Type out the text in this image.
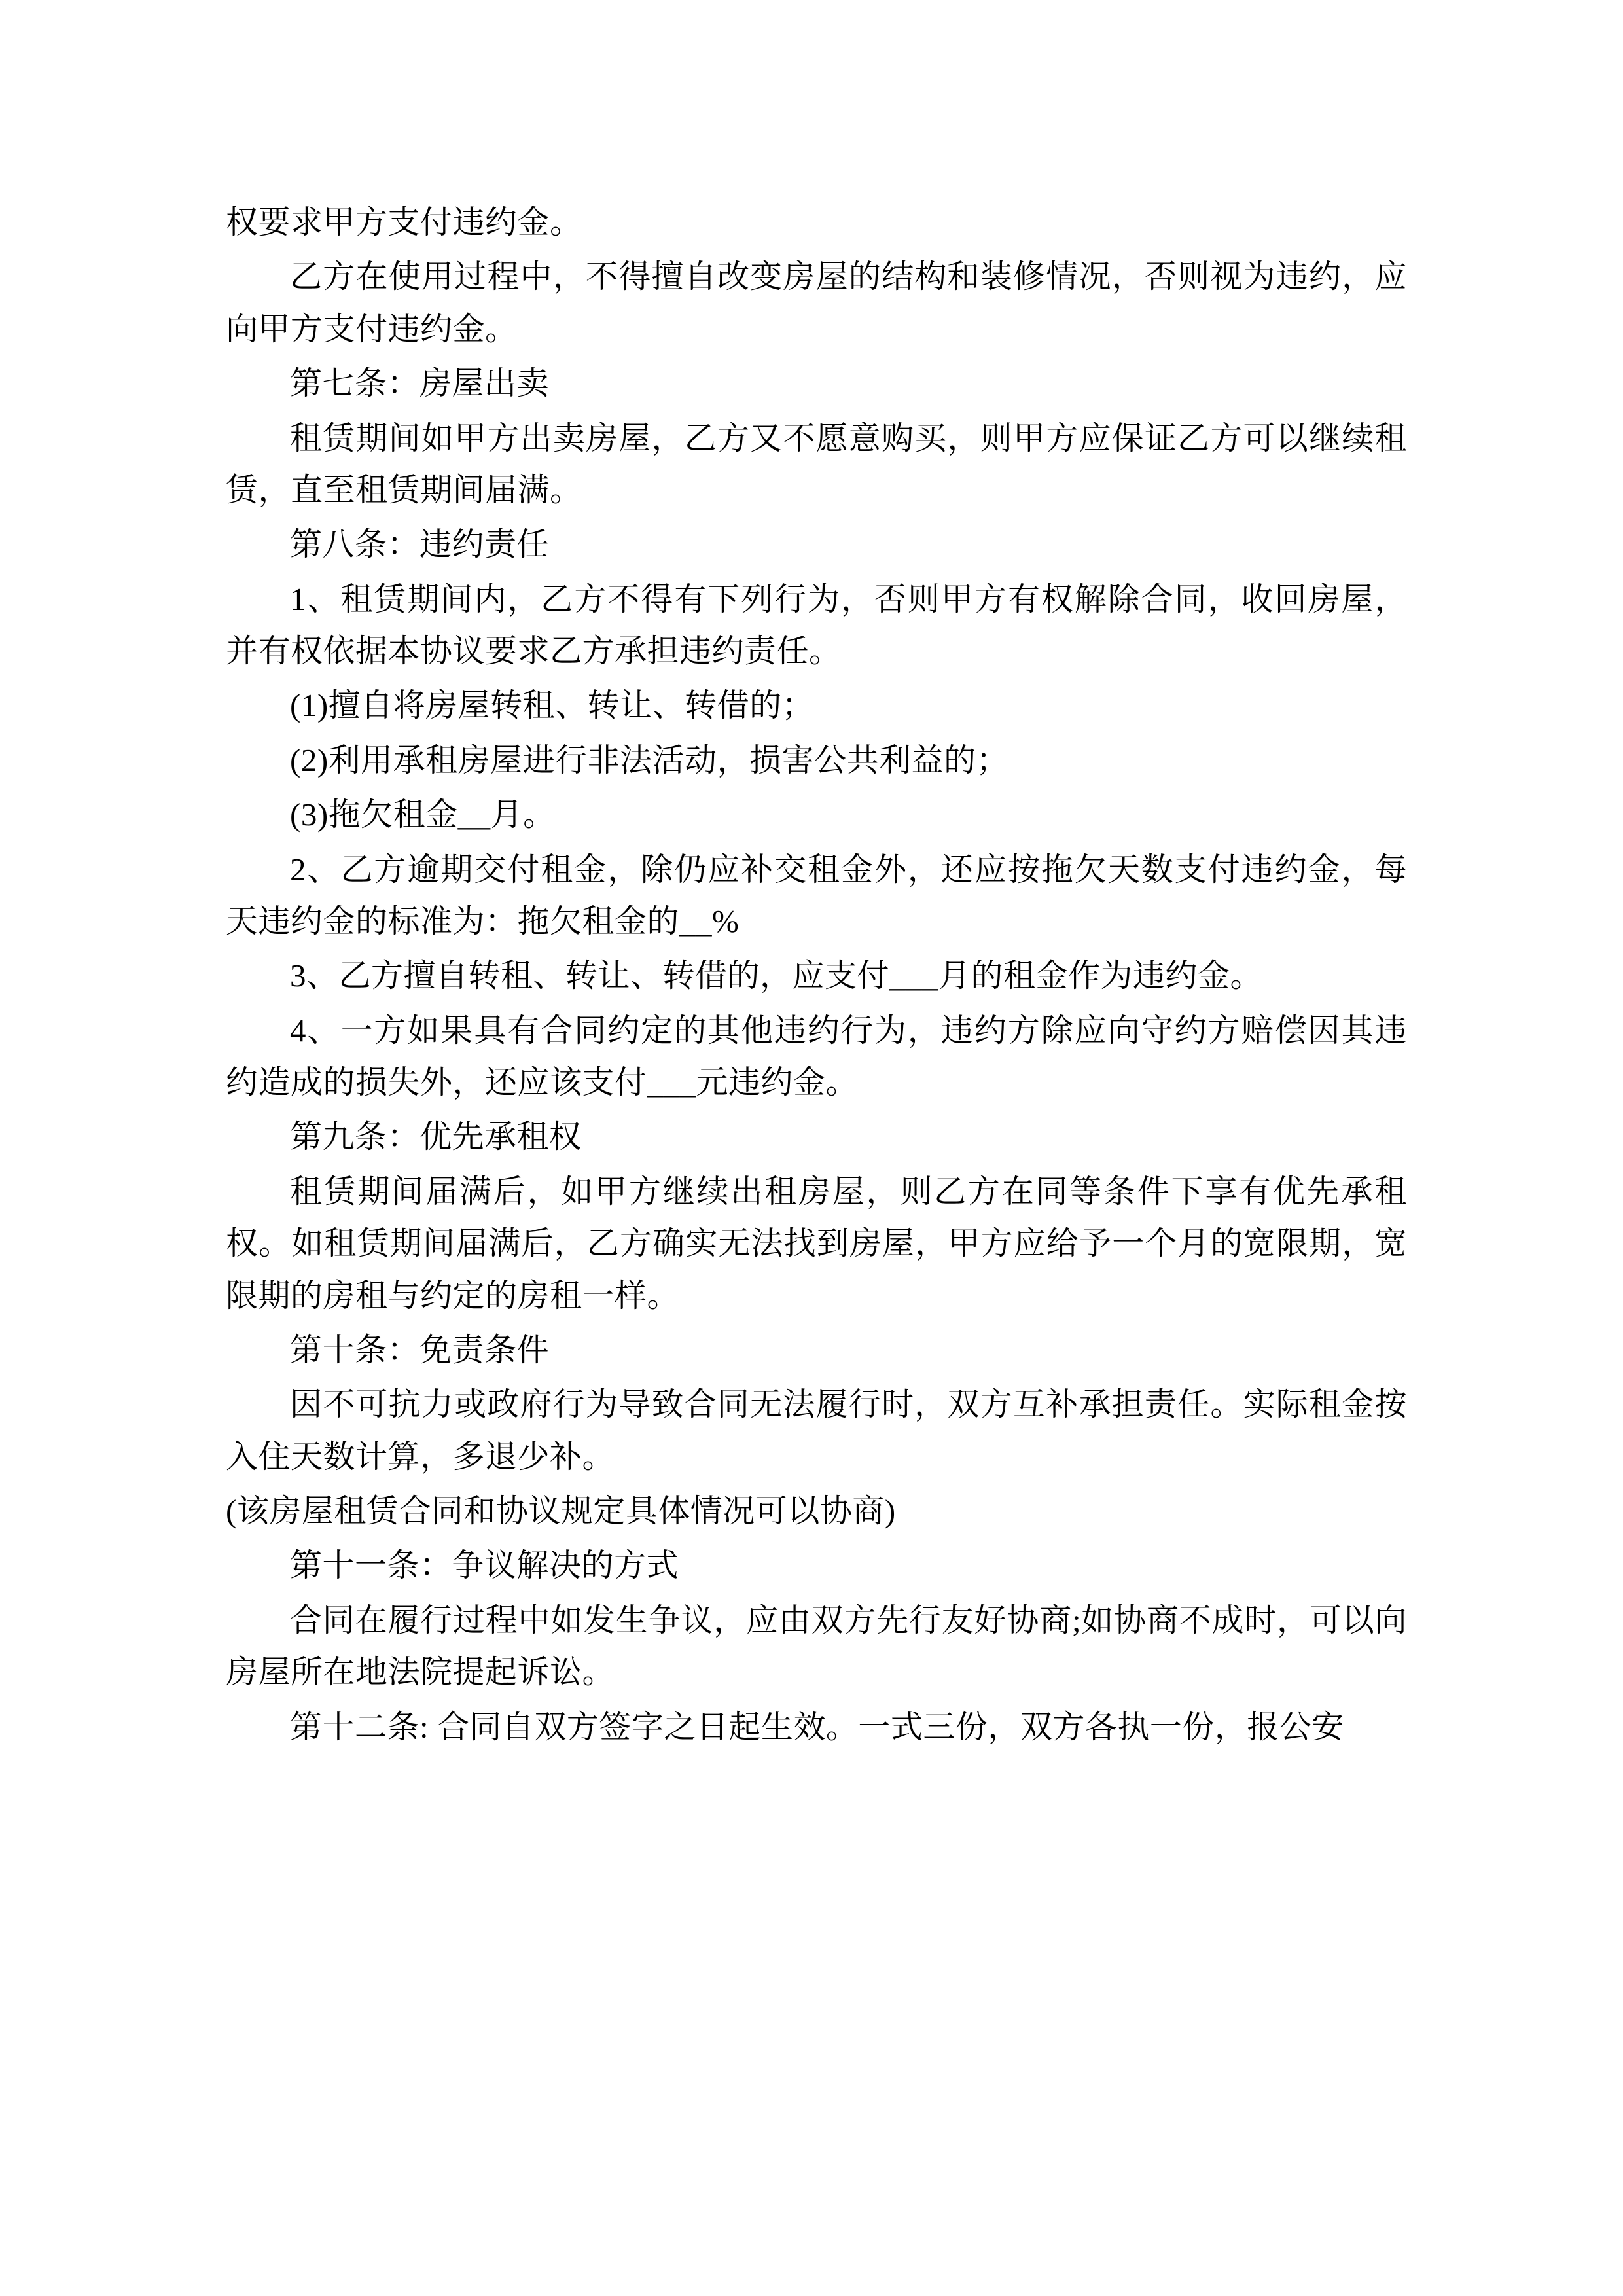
权要求甲方支付违约金。
乙方在使用过程中，不得擅自改变房屋的结构和装修情况，否则视为违约，应向甲方支付违约金。
第七条：房屋出卖
租赁期间如甲方出卖房屋，乙方又不愿意购买，则甲方应保证乙方可以继续租赁，直至租赁期间届满。
第八条：违约责任
1、租赁期间内，乙方不得有下列行为，否则甲方有权解除合同，收回房屋，并有权依据本协议要求乙方承担违约责任。
(1)擅自将房屋转租、转让、转借的；
(2)利用承租房屋进行非法活动，损害公共利益的；
(3)拖欠租金__月。
2、乙方逾期交付租金，除仍应补交租金外，还应按拖欠天数支付违约金，每天违约金的标准为：拖欠租金的__%
3、乙方擅自转租、转让、转借的，应支付___月的租金作为违约金。
4、一方如果具有合同约定的其他违约行为，违约方除应向守约方赔偿因其违约造成的损失外，还应该支付___元违约金。
第九条：优先承租权
租赁期间届满后，如甲方继续出租房屋，则乙方在同等条件下享有优先承租权。如租赁期间届满后，乙方确实无法找到房屋，甲方应给予一个月的宽限期，宽限期的房租与约定的房租一样。
第十条：免责条件
因不可抗力或政府行为导致合同无法履行时，双方互补承担责任。实际租金按入住天数计算，多退少补。
(该房屋租赁合同和协议规定具体情况可以协商)
第十一条：争议解决的方式
合同在履行过程中如发生争议，应由双方先行友好协商;如协商不成时，可以向房屋所在地法院提起诉讼。
第十二条: 合同自双方签字之日起生效。一式三份，双方各执一份，报公安
